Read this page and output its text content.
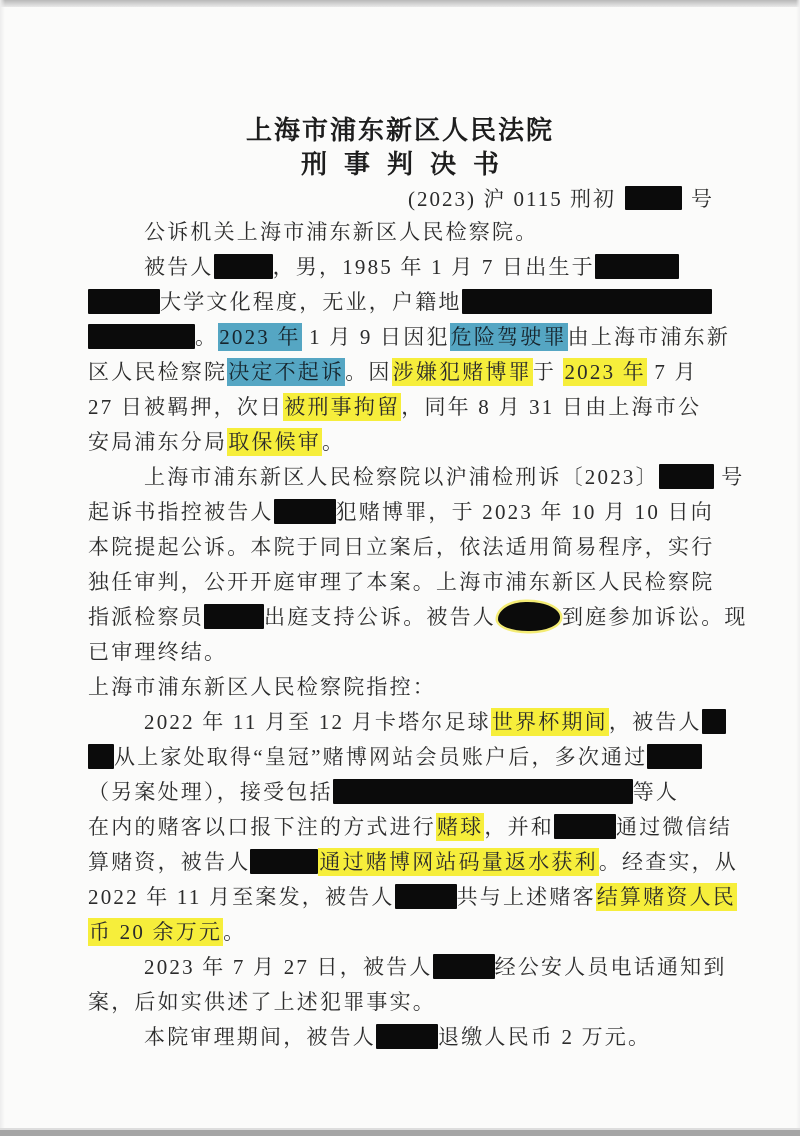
上海市浦东新区人民法院
刑事判决书
(2023) 沪 0115 刑初	号
公诉机关上海市浦东新区人民检察院。
被告人	，男，1985 年 1 月 7 日出生于
大学文化程度，无业，户籍地
。2023 年 1 月 9 日因犯危险驾驶罪由上海市浦东新
区人民检察院决定不起诉。因涉嫌犯赌博罪于 2023 年 7 月
27 日被羁押，次日被刑事拘留，同年 8 月 31 日由上海市公
安局浦东分局取保候审。
上海市浦东新区人民检察院以沪浦检刑诉〔2023〕	号
起诉书指控被告人	犯赌博罪，于 2023 年 10 月 10 日向
本院提起公诉。本院于同日立案后，依法适用简易程序，实行
独任审判，公开开庭审理了本案。上海市浦东新区人民检察院
指派检察员	出庭支持公诉。被告人	到庭参加诉讼。现
已审理终结。
上海市浦东新区人民检察院指控：
2022 年 11 月至 12 月卡塔尔足球世界杯期间，被告人
从上家处取得“皇冠”赌博网站会员账户后，多次通过
（另案处理），接受包括	等人
在内的赌客以口报下注的方式进行赌球，并和	通过微信结
算赌资，被告人	通过赌博网站码量返水获利。经查实，从
2022 年 11 月至案发，被告人	共与上述赌客结算赌资人民
币 20 余万元。
2023 年 7 月 27 日，被告人	经公安人员电话通知到
案，后如实供述了上述犯罪事实。
本院审理期间，被告人	退缴人民币 2 万元。
